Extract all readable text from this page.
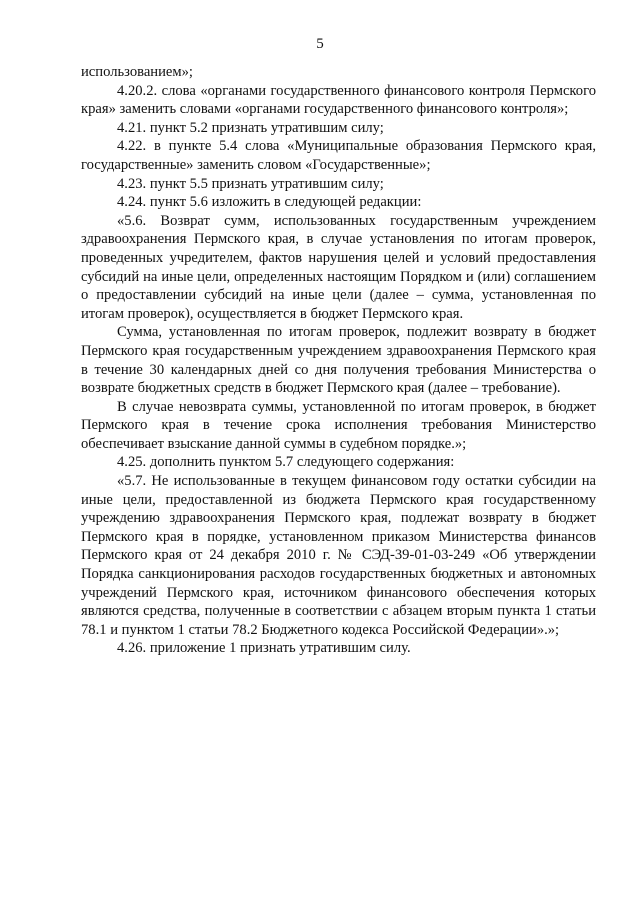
5

использованием»;

4.20.2. слова «органами государственного финансового контроля Пермского края» заменить словами «органами государственного финансового контроля»;

4.21. пункт 5.2 признать утратившим силу;

4.22. в пункте 5.4 слова «Муниципальные образования Пермского края, государственные» заменить словом «Государственные»;

4.23. пункт 5.5 признать утратившим силу;

4.24. пункт 5.6 изложить в следующей редакции:

«5.6. Возврат сумм, использованных государственным учреждением здравоохранения Пермского края, в случае установления по итогам проверок, проведенных учредителем, фактов нарушения целей и условий предоставления субсидий на иные цели, определенных настоящим Порядком и (или) соглашением о предоставлении субсидий на иные цели (далее – сумма, установленная по итогам проверок), осуществляется в бюджет Пермского края.

Сумма, установленная по итогам проверок, подлежит возврату в бюджет Пермского края государственным учреждением здравоохранения Пермского края в течение 30 календарных дней со дня получения требования Министерства о возврате бюджетных средств в бюджет Пермского края (далее – требование).

В случае невозврата суммы, установленной по итогам проверок, в бюджет Пермского края в течение срока исполнения требования Министерство обеспечивает взыскание данной суммы в судебном порядке.»;

4.25. дополнить пунктом 5.7 следующего содержания:

«5.7. Не использованные в текущем финансовом году остатки субсидии на иные цели, предоставленной из бюджета Пермского края государственному учреждению здравоохранения Пермского края, подлежат возврату в бюджет Пермского края в порядке, установленном приказом Министерства финансов Пермского края от 24 декабря 2010 г. № СЭД-39-01-03-249 «Об утверждении Порядка санкционирования расходов государственных бюджетных и автономных учреждений Пермского края, источником финансового обеспечения которых являются средства, полученные в соответствии с абзацем вторым пункта 1 статьи 78.1 и пунктом 1 статьи 78.2 Бюджетного кодекса Российской Федерации».»;

4.26. приложение 1 признать утратившим силу.
